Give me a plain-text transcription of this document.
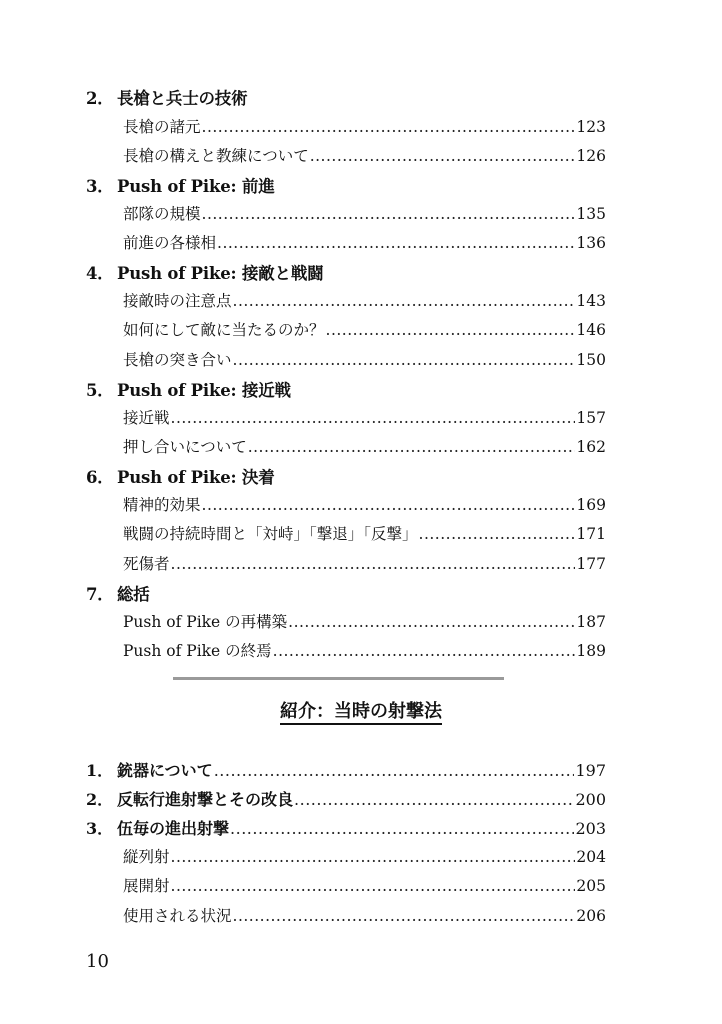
2． 長槍と兵士の技術
長槍の諸元 .....	123
長槍の構えと教練について .....	126
3． Push of Pike: 前進
部隊の規模 .....	135
前進の各様相 .....	136
4． Push of Pike: 接敵と戦闘
接敵時の注意点 .....	143
如何にして敵に当たるのか？ .....	146
長槍の突き合い .....	150
5． Push of Pike: 接近戦
接近戦 .....	157
押し合いについて .....	162
6． Push of Pike: 決着
精神的効果 .....	169
戦闘の持続時間と「対峙」「撃退」「反撃」 .....	171
死傷者 .....	177
7． 総括
Push of Pike の再構築 .....	187
Push of Pike の終焉 .....	189
紹介：当時の射撃法
1． 銃器について .....	197
2． 反転行進射撃とその改良 .....	200
3． 伍毎の進出射撃 .....	203
縦列射 .....	204
展開射 .....	205
使用される状況 .....	206
10
